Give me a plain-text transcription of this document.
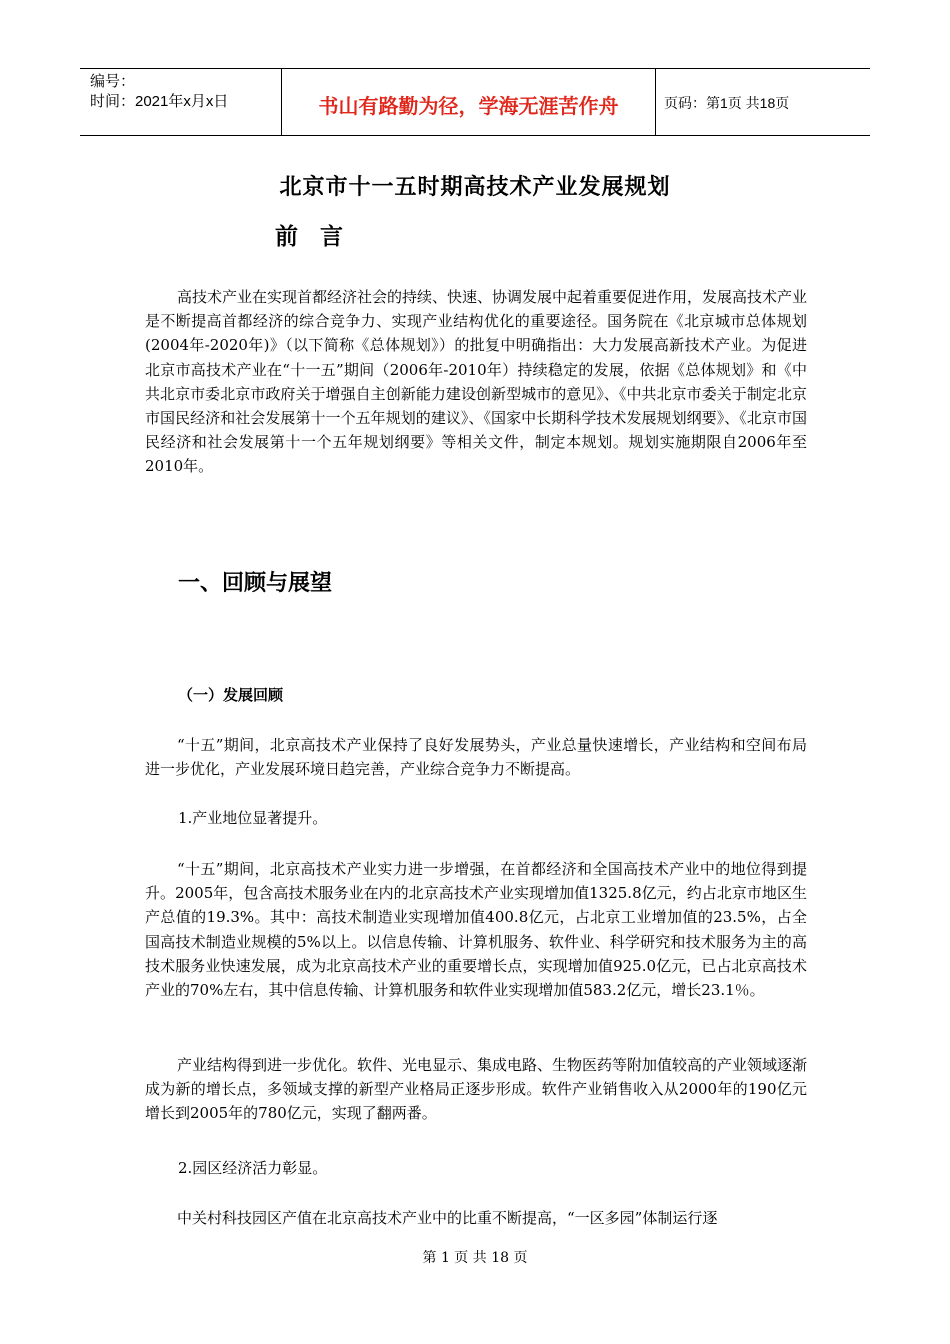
编号：
时间：2021年x月x日	书山有路勤为径，学海无涯苦作舟	页码：第1页 共18页
北京市十一五时期高技术产业发展规划
前言

高技术产业在实现首都经济社会的持续、快速、协调发展中起着重要促进作用，发展高技术产业是不断提高首都经济的综合竞争力、实现产业结构优化的重要途径。国务院在《北京城市总体规划(2004年-2020年)》（以下简称《总体规划》）的批复中明确指出：大力发展高新技术产业。为促进北京市高技术产业在“十一五”期间（2006年-2010年）持续稳定的发展，依据《总体规划》和《中共北京市委北京市政府关于增强自主创新能力建设创新型城市的意见》、《中共北京市委关于制定北京市国民经济和社会发展第十一个五年规划的建议》、《国家中长期科学技术发展规划纲要》、《北京市国民经济和社会发展第十一个五年规划纲要》等相关文件，制定本规划。规划实施期限自2006年至2010年。

一、回顾与展望
（一）发展回顾

“十五”期间，北京高技术产业保持了良好发展势头，产业总量快速增长，产业结构和空间布局进一步优化，产业发展环境日趋完善，产业综合竞争力不断提高。

1.产业地位显著提升。

“十五”期间，北京高技术产业实力进一步增强，在首都经济和全国高技术产业中的地位得到提升。2005年，包含高技术服务业在内的北京高技术产业实现增加值1325.8亿元，约占北京市地区生产总值的19.3%。其中：高技术制造业实现增加值400.8亿元，占北京工业增加值的23.5%，占全国高技术制造业规模的5%以上。以信息传输、计算机服务、软件业、科学研究和技术服务为主的高技术服务业快速发展，成为北京高技术产业的重要增长点，实现增加值925.0亿元，已占北京高技术产业的70%左右，其中信息传输、计算机服务和软件业实现增加值583.2亿元，增长23.1％。

产业结构得到进一步优化。软件、光电显示、集成电路、生物医药等附加值较高的产业领域逐渐成为新的增长点，多领域支撑的新型产业格局正逐步形成。软件产业销售收入从2000年的190亿元增长到2005年的780亿元，实现了翻两番。

2.园区经济活力彰显。

中关村科技园区产值在北京高技术产业中的比重不断提高，“一区多园”体制运行逐

第 1 页 共 18 页
